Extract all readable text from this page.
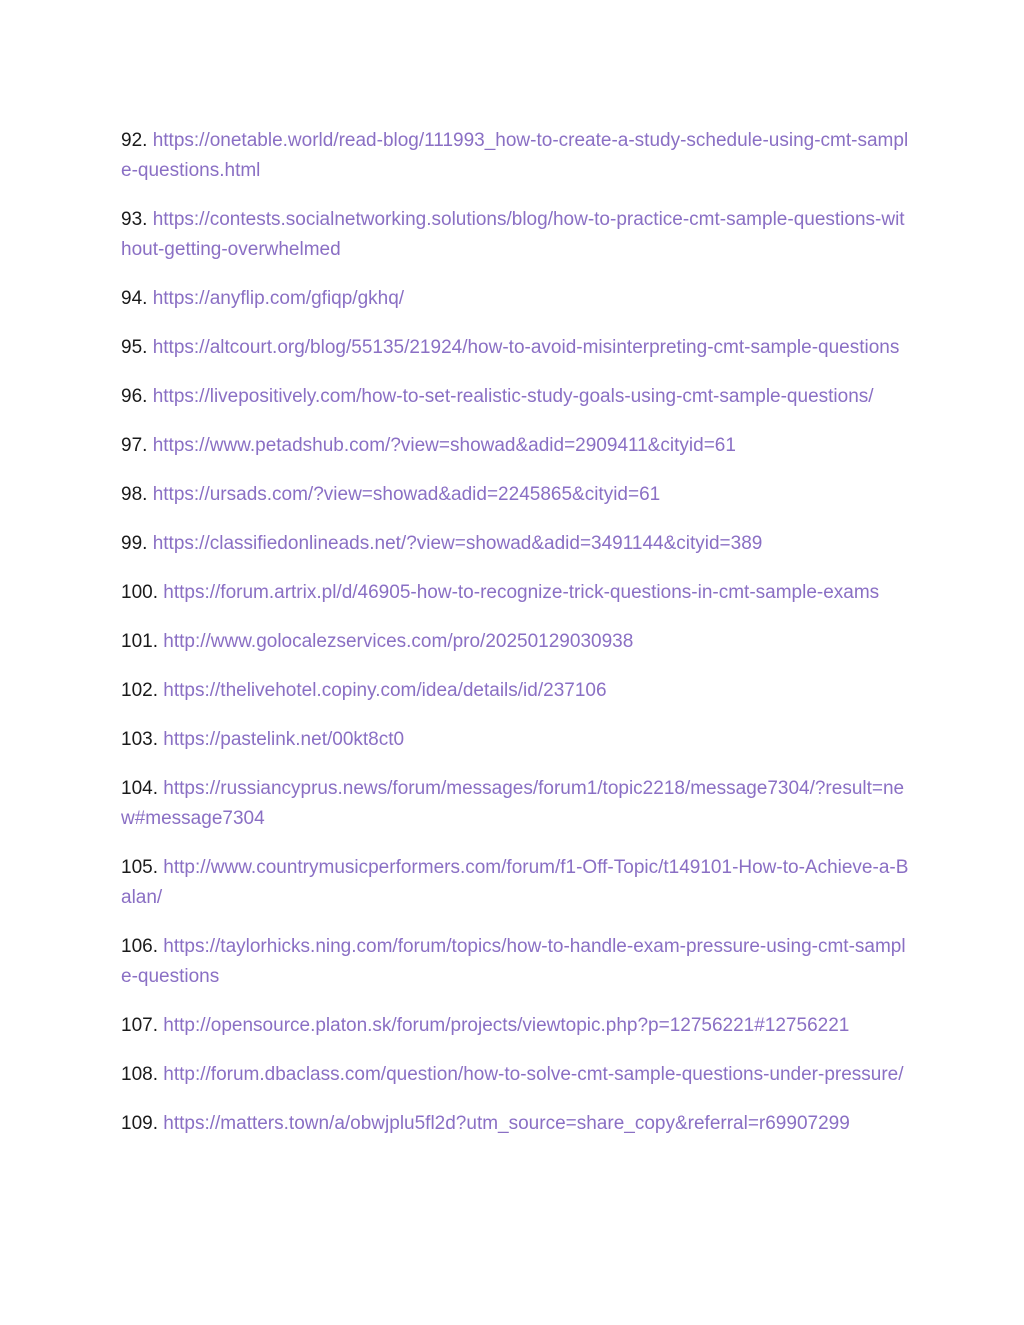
92. https://onetable.world/read-blog/111993_how-to-create-a-study-schedule-using-cmt-sample-questions.html
93. https://contests.socialnetworking.solutions/blog/how-to-practice-cmt-sample-questions-without-getting-overwhelmed
94. https://anyflip.com/gfiqp/gkhq/
95. https://altcourt.org/blog/55135/21924/how-to-avoid-misinterpreting-cmt-sample-questions
96. https://livepositively.com/how-to-set-realistic-study-goals-using-cmt-sample-questions/
97. https://www.petadshub.com/?view=showad&adid=2909411&cityid=61
98. https://ursads.com/?view=showad&adid=2245865&cityid=61
99. https://classifiedonlineads.net/?view=showad&adid=3491144&cityid=389
100. https://forum.artrix.pl/d/46905-how-to-recognize-trick-questions-in-cmt-sample-exams
101. http://www.golocalezservices.com/pro/20250129030938
102. https://thelivehotel.copiny.com/idea/details/id/237106
103. https://pastelink.net/00kt8ct0
104. https://russiancyprus.news/forum/messages/forum1/topic2218/message7304/?result=new#message7304
105. http://www.countrymusicperformers.com/forum/f1-Off-Topic/t149101-How-to-Achieve-a-Balan/
106. https://taylorhicks.ning.com/forum/topics/how-to-handle-exam-pressure-using-cmt-sample-questions
107. http://opensource.platon.sk/forum/projects/viewtopic.php?p=12756221#12756221
108. http://forum.dbaclass.com/question/how-to-solve-cmt-sample-questions-under-pressure/
109. https://matters.town/a/obwjplu5fl2d?utm_source=share_copy&referral=r69907299
